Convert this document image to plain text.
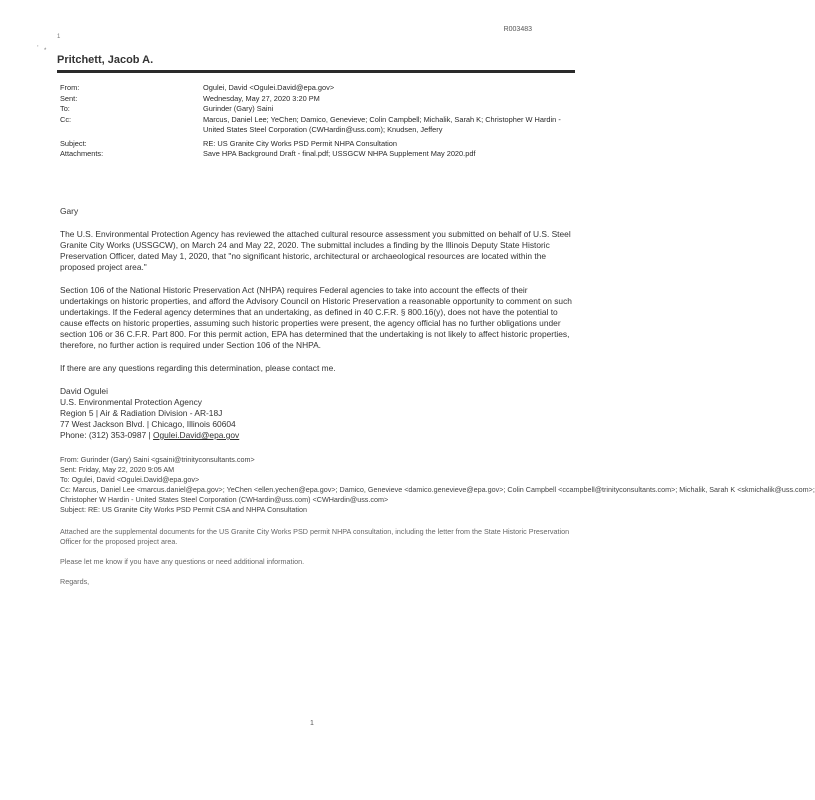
R003483
1
,
*
Pritchett, Jacob A.
From:	Ogulei, David <Ogulei.David@epa.gov>
Sent:	Wednesday, May 27, 2020 3:20 PM
To:	Gurinder (Gary) Saini
Cc:	Marcus, Daniel Lee; YeChen; Damico, Genevieve; Colin Campbell; Michalik, Sarah K; Christopher W Hardin - United States Steel Corporation (CWHardin@uss.com); Knudsen, Jeffery
Subject:	RE: US Granite City Works PSD Permit NHPA Consultation
Attachments:	Save HPA Background Draft - final.pdf; USSGCW NHPA Supplement May 2020.pdf

Gary

The U.S. Environmental Protection Agency has reviewed the attached cultural resource assessment you submitted on behalf of U.S. Steel Granite City Works (USSGCW), on March 24 and May 22, 2020. The submittal includes a finding by the Illinois Deputy State Historic Preservation Officer, dated May 1, 2020, that "no significant historic, architectural or archaeological resources are located within the proposed project area."

Section 106 of the National Historic Preservation Act (NHPA) requires Federal agencies to take into account the effects of their undertakings on historic properties, and afford the Advisory Council on Historic Preservation a reasonable opportunity to comment on such undertakings. If the Federal agency determines that an undertaking, as defined in 40 C.F.R. § 800.16(y), does not have the potential to cause effects on historic properties, assuming such historic properties were present, the agency official has no further obligations under section 106 or 36 C.F.R. Part 800. For this permit action, EPA has determined that the undertaking is not likely to affect historic properties, therefore, no further action is required under Section 106 of the NHPA.

If there are any questions regarding this determination, please contact me.

David Ogulei
U.S. Environmental Protection Agency
Region 5 | Air & Radiation Division - AR-18J
77 West Jackson Blvd. | Chicago, Illinois 60604
Phone: (312) 353-0987 | Ogulei.David@epa.gov
From: Gurinder (Gary) Saini <gsaini@trinityconsultants.com>
Sent: Friday, May 22, 2020 9:05 AM
To: Ogulei, David <Ogulei.David@epa.gov>
Cc: Marcus, Daniel Lee <marcus.daniel@epa.gov>; YeChen <ellen.yechen@epa.gov>; Damico, Genevieve <damico.genevieve@epa.gov>; Colin Campbell <ccampbell@trinityconsultants.com>; Michalik, Sarah K <skmichalik@uss.com>;
Christopher W Hardin - United States Steel Corporation (CWHardin@uss.com) <CWHardin@uss.com>
Subject: RE: US Granite City Works PSD Permit CSA and NHPA Consultation

Attached are the supplemental documents for the US Granite City Works PSD permit NHPA consultation, including the letter from the State Historic Preservation Officer for the proposed project area.

Please let me know if you have any questions or need additional information.

Regards,

1
